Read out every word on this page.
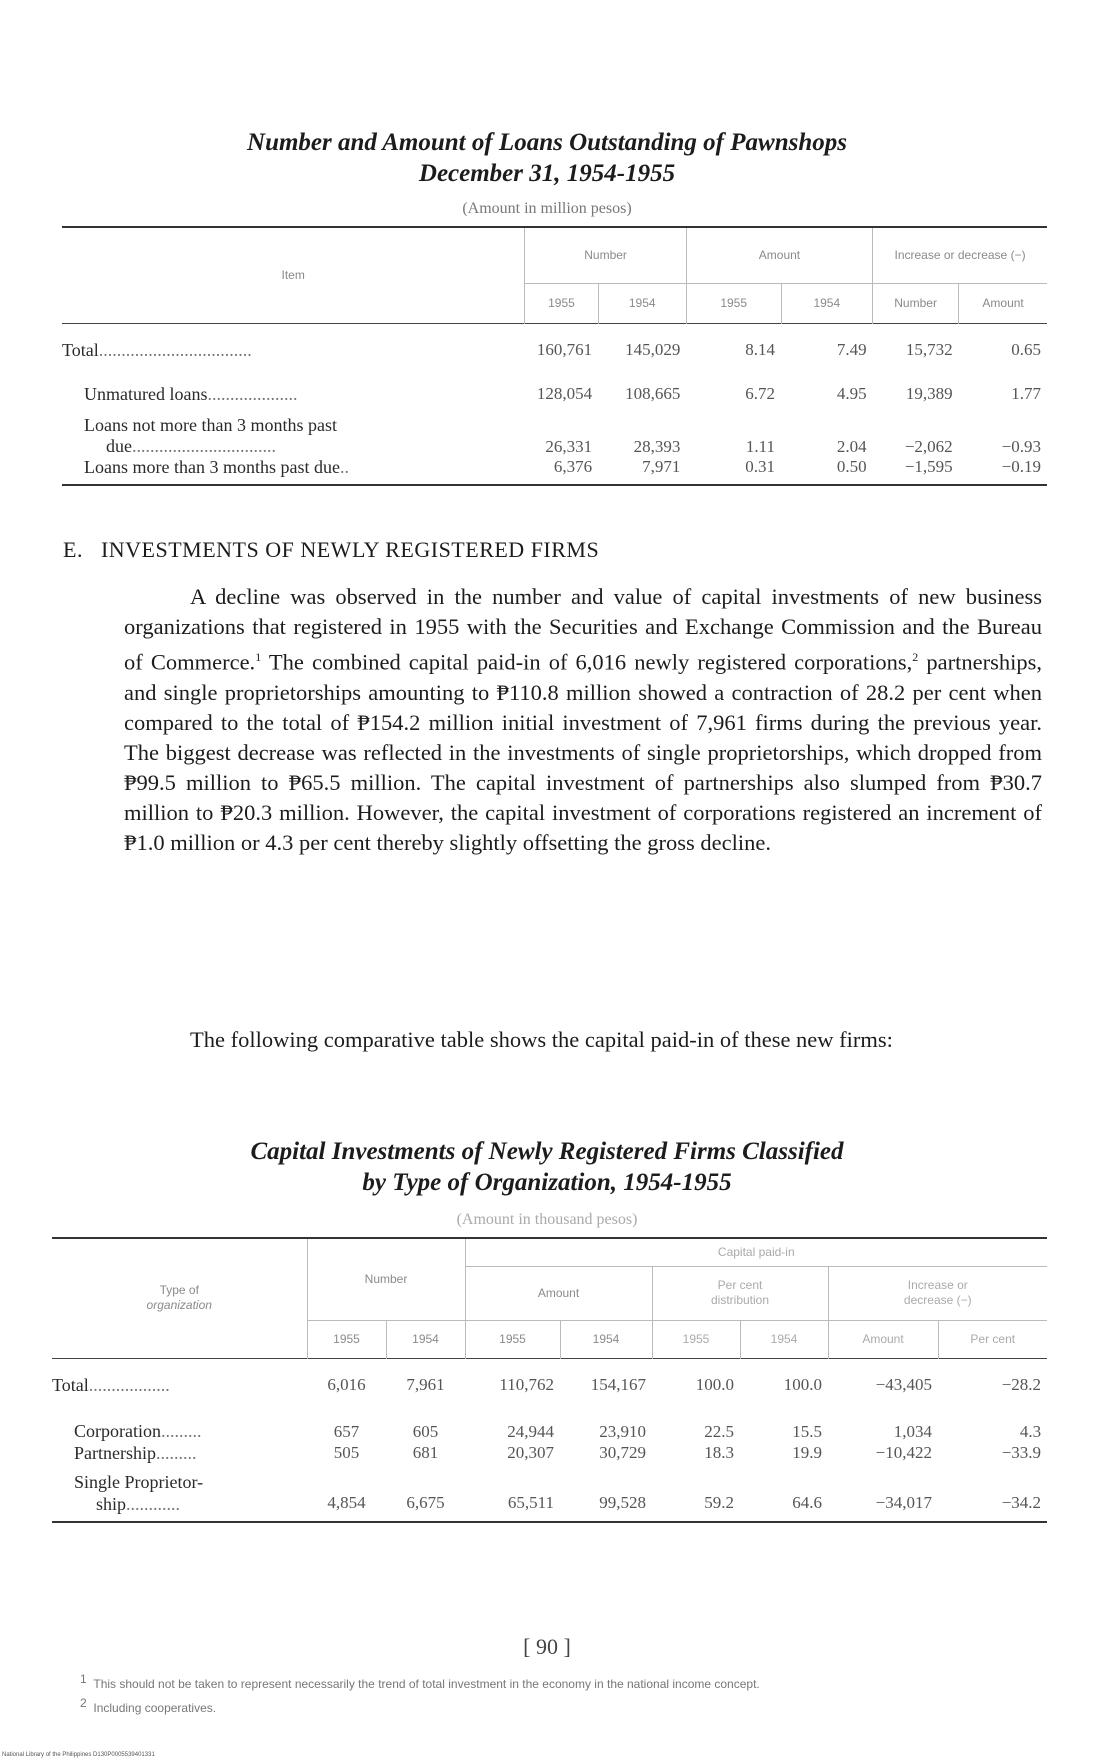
Number and Amount of Loans Outstanding of Pawnshops
December 31, 1954-1955
(Amount in million pesos)
Item	Number		Amount		Increase or decrease (−)	
	1955	1954	1955	1954	Number	Amount
Total..................................	160,761	145,029	8.14	7.49	15,732	0.65
Unmatured loans....................	128,054	108,665	6.72	4.95	19,389	1.77
Loans not more than 3 months past
due................................	26,331	28,393	1.11	2.04	−2,062	−0.93
Loans more than 3 months past due..	6,376	7,971	0.31	0.50	−1,595	−0.19
E. INVESTMENTS OF NEWLY REGISTERED FIRMS

A decline was observed in the number and value of capital investments of new business organizations that registered in 1955 with the Securities and Exchange Commission and the Bureau of Commerce.$^1$ The combined capital paid-in of 6,016 newly registered corporations,$^2$ partnerships, and single proprietorships amounting to ₱110.8 million showed a contraction of 28.2 per cent when compared to the total of ₱154.2 million initial investment of 7,961 firms during the previous year. The biggest decrease was reflected in the investments of single proprietorships, which dropped from ₱99.5 million to ₱65.5 million. The capital investment of partnerships also slumped from ₱30.7 million to ₱20.3 million. However, the capital investment of corporations registered an increment of ₱1.0 million or 4.3 per cent thereby slightly offsetting the gross decline.

The following comparative table shows the capital paid-in of these new firms:

Capital Investments of Newly Registered Firms Classified
by Type of Organization, 1954-1955
(Amount in thousand pesos)
Type of
organization	Number		Capital paid-in					
			Amount		Per cent
distribution		Increase or
decrease (−)	
	1955	1954	1955	1954	1955	1954	Amount	Per cent
Total..................	6,016	7,961	110,762	154,167	100.0	100.0	−43,405	−28.2
Corporation.........	657	605	24,944	23,910	22.5	15.5	1,034	4.3
Partnership.........	505	681	20,307	30,729	18.3	19.9	−10,422	−33.9
Single Proprietor-
ship............	4,854	6,675	65,511	99,528	59.2	64.6	−34,017	−34.2

$^1$ This should not be taken to represent necessarily the trend of total investment in the economy in the national income concept.

$^2$ Including cooperatives.

[ 90 ]
National Library of the Philippines D130P0005539401331
